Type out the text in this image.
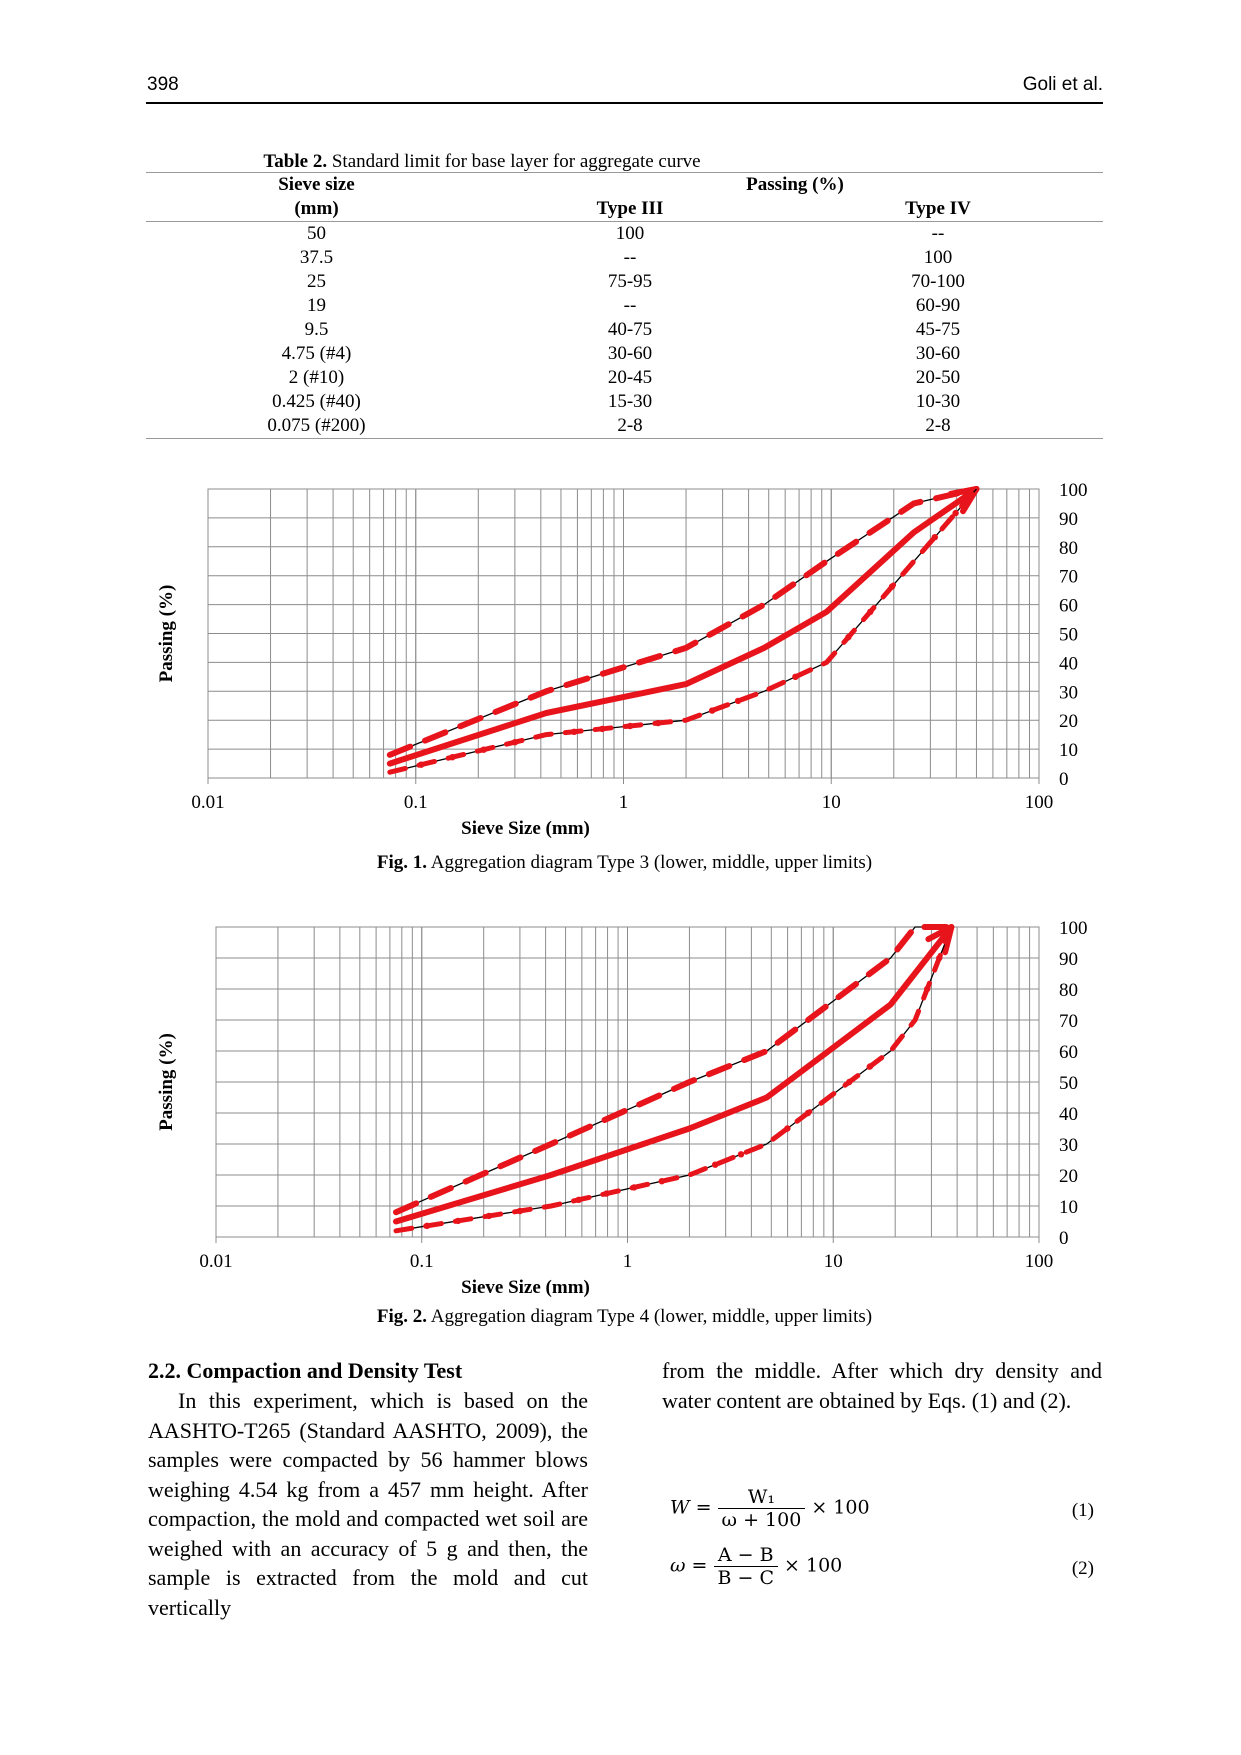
398	Goli et al.
Table 2. Standard limit for base layer for aggregate curve
Sieve size	Passing (%)	
(mm)	Type III	Type IV
50	100	--
37.5	--	100
25	75-95	70-100
19	--	60-90
9.5	40-75	45-75
4.75 (#4)	30-60	30-60
2 (#10)	20-45	20-50
0.425 (#40)	15-30	10-30
0.075 (#200)	2-8	2-8
0.01	0.1	1	10	100
0
10
20
30
40
50
60
70
80
90
100
Sieve Size (mm)
Passing (%)
Fig. 1. Aggregation diagram Type 3 (lower, middle, upper limits)
0.01	0.1	1	10	100
0
10
20
30
40
50
60
70
80
90
100
Sieve Size (mm)
Passing (%)
Fig. 2. Aggregation diagram Type 4 (lower, middle, upper limits)
2.2. Compaction and Density Test
In this experiment, which is based on the AASHTO-T265 (Standard AASHTO, 2009), the samples were compacted by 56 hammer blows weighing 4.54 kg from a 457 mm height. After compaction, the mold and compacted wet soil are weighed with an accuracy of 5 g and then, the sample is extracted from the mold and cut vertically
from the middle. After which dry density and water content are obtained by Eqs. (1) and (2).
$W = \frac{\text{W₁}}{\omega + 100} \times 100$	(1)
$\omega = \frac{A - B}{B - C} \times 100$	(2)
